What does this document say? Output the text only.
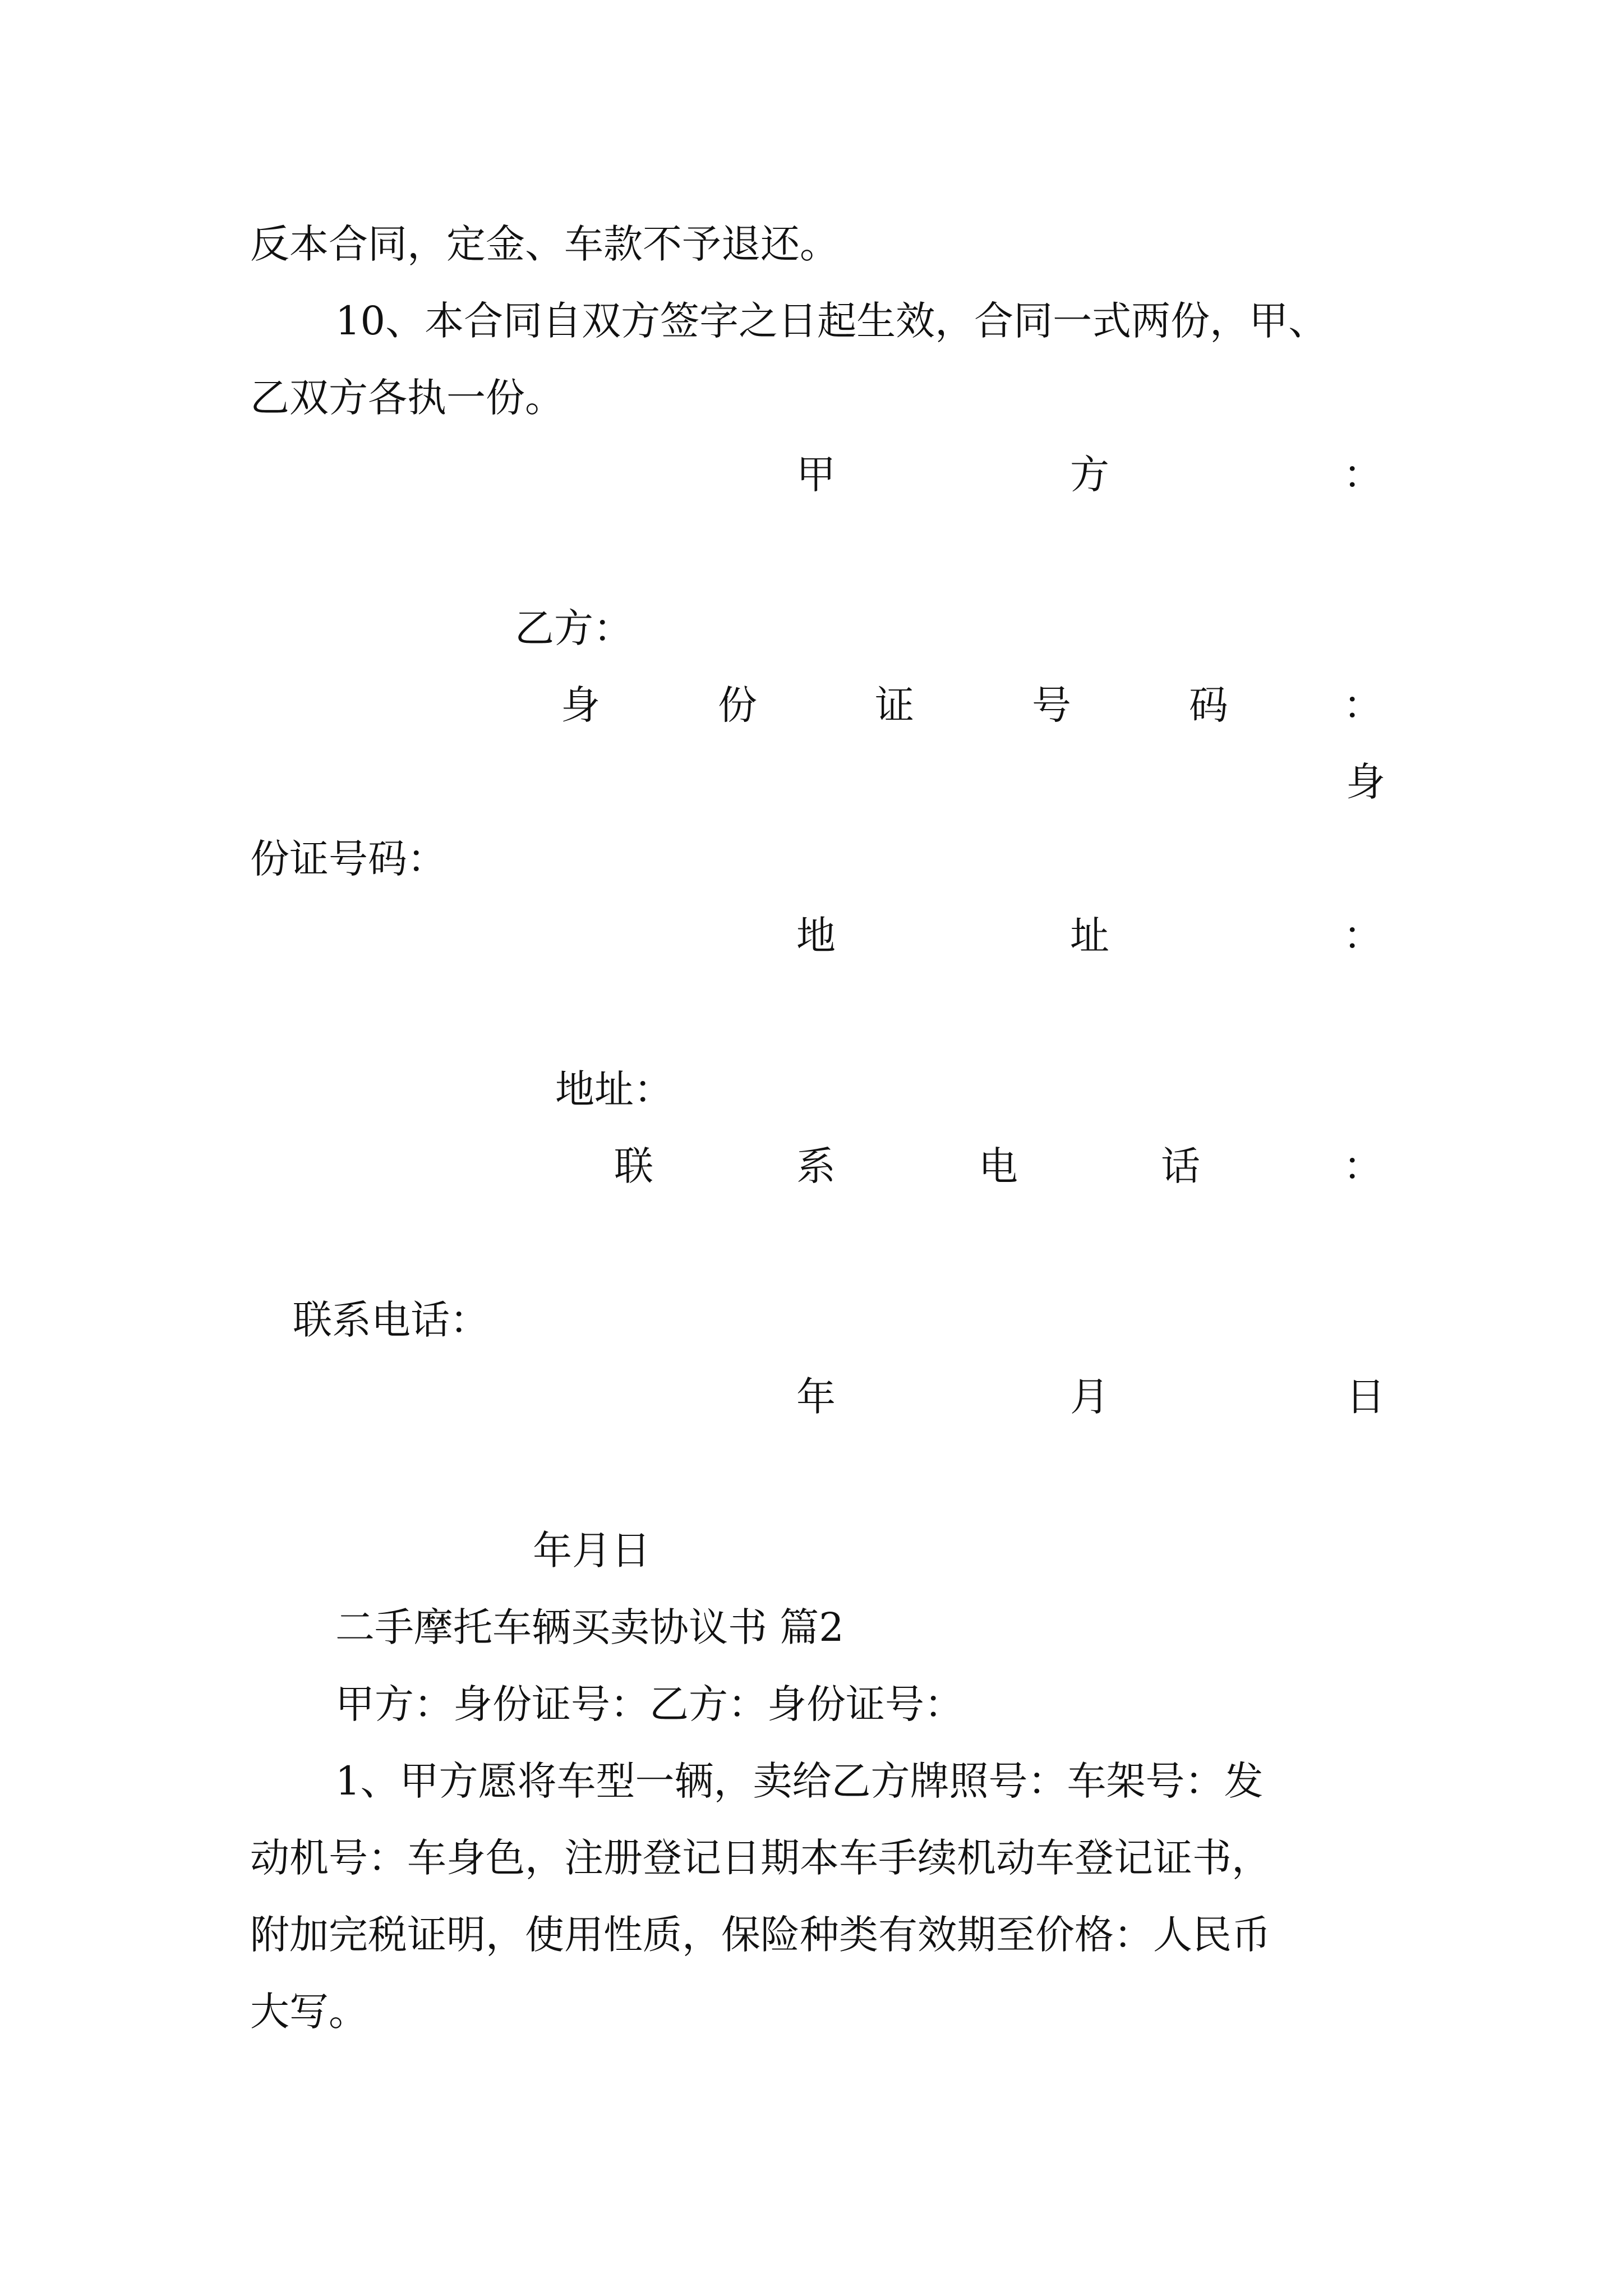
反本合同，定金、车款不予退还。

10、本合同自双方签字之日起生效，合同一式两份，甲、

乙双方各执一份。

甲	方	：

乙方：

身	份	证	号	码	：

身

份证号码：

地	址	：

地址：

联	系	电	话	：

联系电话：

年	月	日

年月日

二手摩托车辆买卖协议书 篇2

甲方：身份证号：乙方：身份证号：

1、甲方愿将车型一辆，卖给乙方牌照号：车架号：发

动机号：车身色，注册登记日期本车手续机动车登记证书，

附加完税证明，使用性质，保险种类有效期至价格：人民币

大写。
